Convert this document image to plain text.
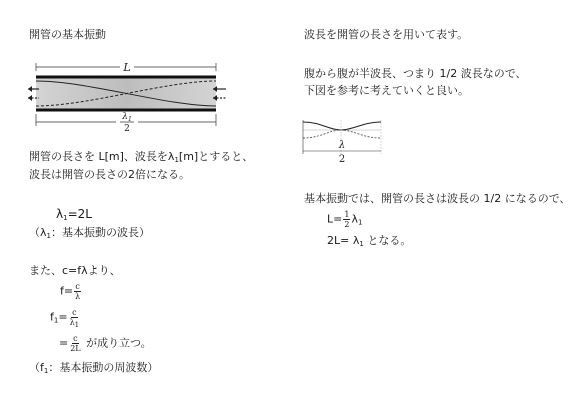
開管の基本振動
L
$\lambda_1$
2
開管の長さを L[m]、波長を$\lambda_1[m]$とすると、
波長は開管の長さの2倍になる。
$\lambda_1=2L$
（$\lambda_1$：基本振動の波長）
また、c=fλより、
$f= \frac{c}{\lambda}$
$f_1= \frac{c}{\lambda_1}$
= $\frac{c}{2L}$ が成り立つ。
（$f_1$：基本振動の周波数）
波長を開管の長さを用いて表す。
腹から腹が半波長、つまり 1/2 波長なので、
下図を参考に考えていくと良い。
λ
2
基本振動では、開管の長さは波長の 1/2 になるので、
$L= \frac{1}{2} \lambda_1$
$2L= \lambda_1$ となる。
